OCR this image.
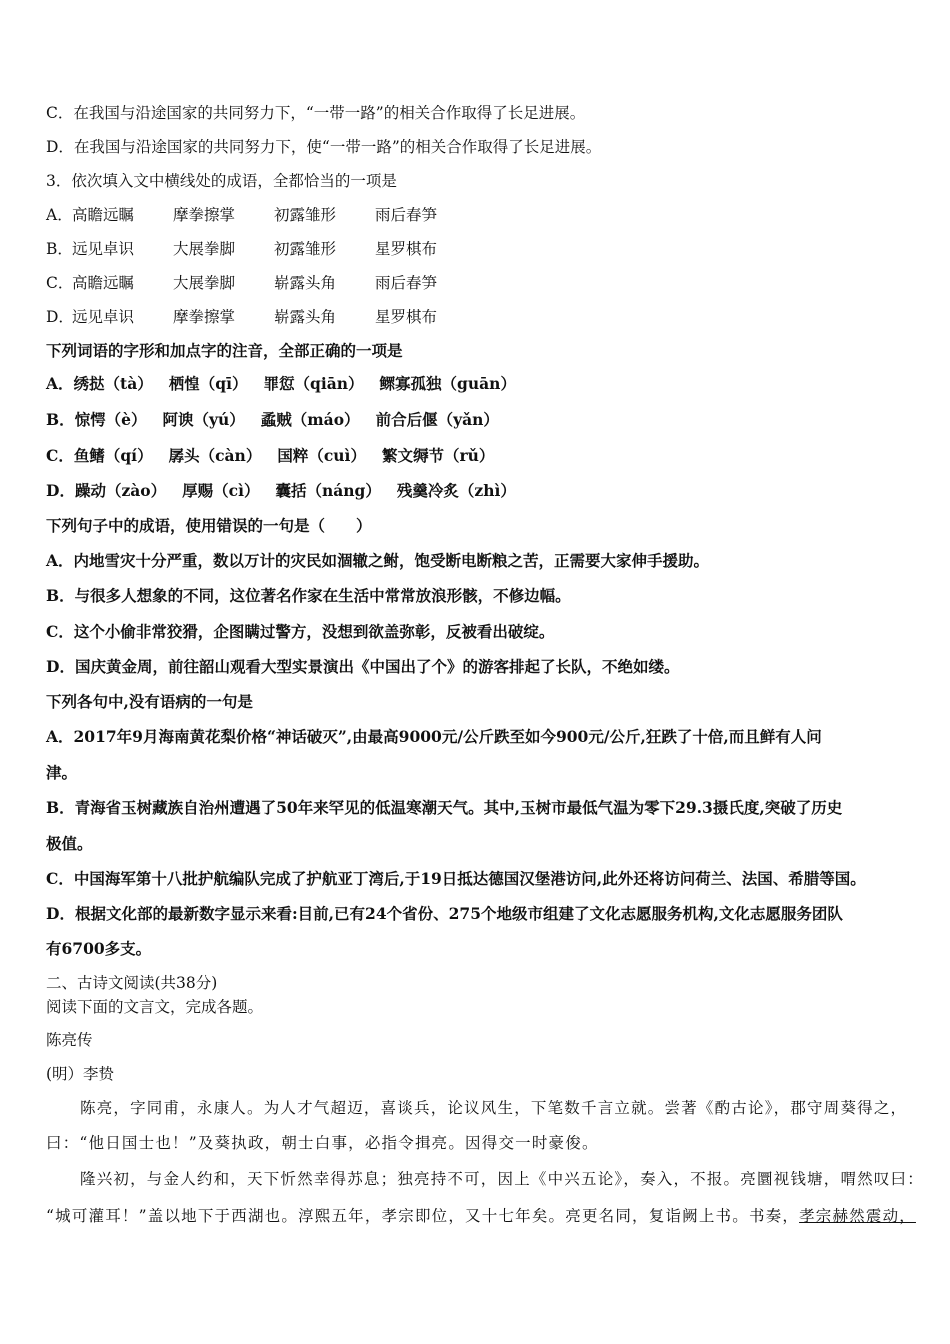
C．在我国与沿途国家的共同努力下，“一带一路”的相关合作取得了长足进展。
D．在我国与沿途国家的共同努力下，使“一带一路”的相关合作取得了长足进展。
3．依次填入文中横线处的成语，全都恰当的一项是
A．高瞻远瞩	摩拳擦掌	初露雏形	雨后春笋
B．远见卓识	大展拳脚	初露雏形	星罗棋布
C．高瞻远瞩	大展拳脚	崭露头角	雨后春笋
D．远见卓识	摩拳擦掌	崭露头角	星罗棋布
下列词语的字形和加点字的注音，全部正确的一项是
A．绣挞（tà） 栖惶（qī） 罪愆（qiān） 鳏寡孤独（guān）
B．惊愕（è） 阿谀（yú） 蟊贼（máo） 前合后偃（yǎn）
C．鱼鳍（qí） 孱头（càn） 国粹（cuì） 繁文缛节（rǔ）
D．躁动（zào） 厚赐（cì） 囊括（náng） 残羹冷炙（zhì）
下列句子中的成语，使用错误的一句是（　　）
A．内地雪灾十分严重，数以万计的灾民如涸辙之鲋，饱受断电断粮之苦，正需要大家伸手援助。
B．与很多人想象的不同，这位著名作家在生活中常常放浪形骸，不修边幅。
C．这个小偷非常狡猾，企图瞒过警方，没想到欲盖弥彰，反被看出破绽。
D．国庆黄金周，前往韶山观看大型实景演出《中国出了个》的游客排起了长队，不绝如缕。
下列各句中,没有语病的一句是
A．2017年9月海南黄花梨价格“神话破灭”,由最高9000元/公斤跌至如今900元/公斤,狂跌了十倍,而且鲜有人问
津。
B．青海省玉树藏族自治州遭遇了50年来罕见的低温寒潮天气。其中,玉树市最低气温为零下29.3摄氏度,突破了历史
极值。
C．中国海军第十八批护航编队完成了护航亚丁湾后,于19日抵达德国汉堡港访问,此外还将访问荷兰、法国、希腊等国。
D．根据文化部的最新数字显示来看:目前,已有24个省份、275个地级市组建了文化志愿服务机构,文化志愿服务团队
有6700多支。
二、古诗文阅读(共38分)
阅读下面的文言文，完成各题。
陈亮传
(明）李贽
陈亮，字同甫，永康人。为人才气超迈，喜谈兵，论议风生，下笔数千言立就。尝著《酌古论》，郡守周葵得之，
曰：“他日国士也！”及葵执政，朝士白事，必指令揖亮。因得交一时豪俊。
隆兴初，与金人约和，天下忻然幸得苏息；独亮持不可，因上《中兴五论》，奏入，不报。亮圜视钱塘，喟然叹曰：
“城可灌耳！”盖以地下于西湖也。淳熙五年，孝宗即位，又十七年矣。亮更名同，复诣阙上书。书奏，孝宗赫然震动，
